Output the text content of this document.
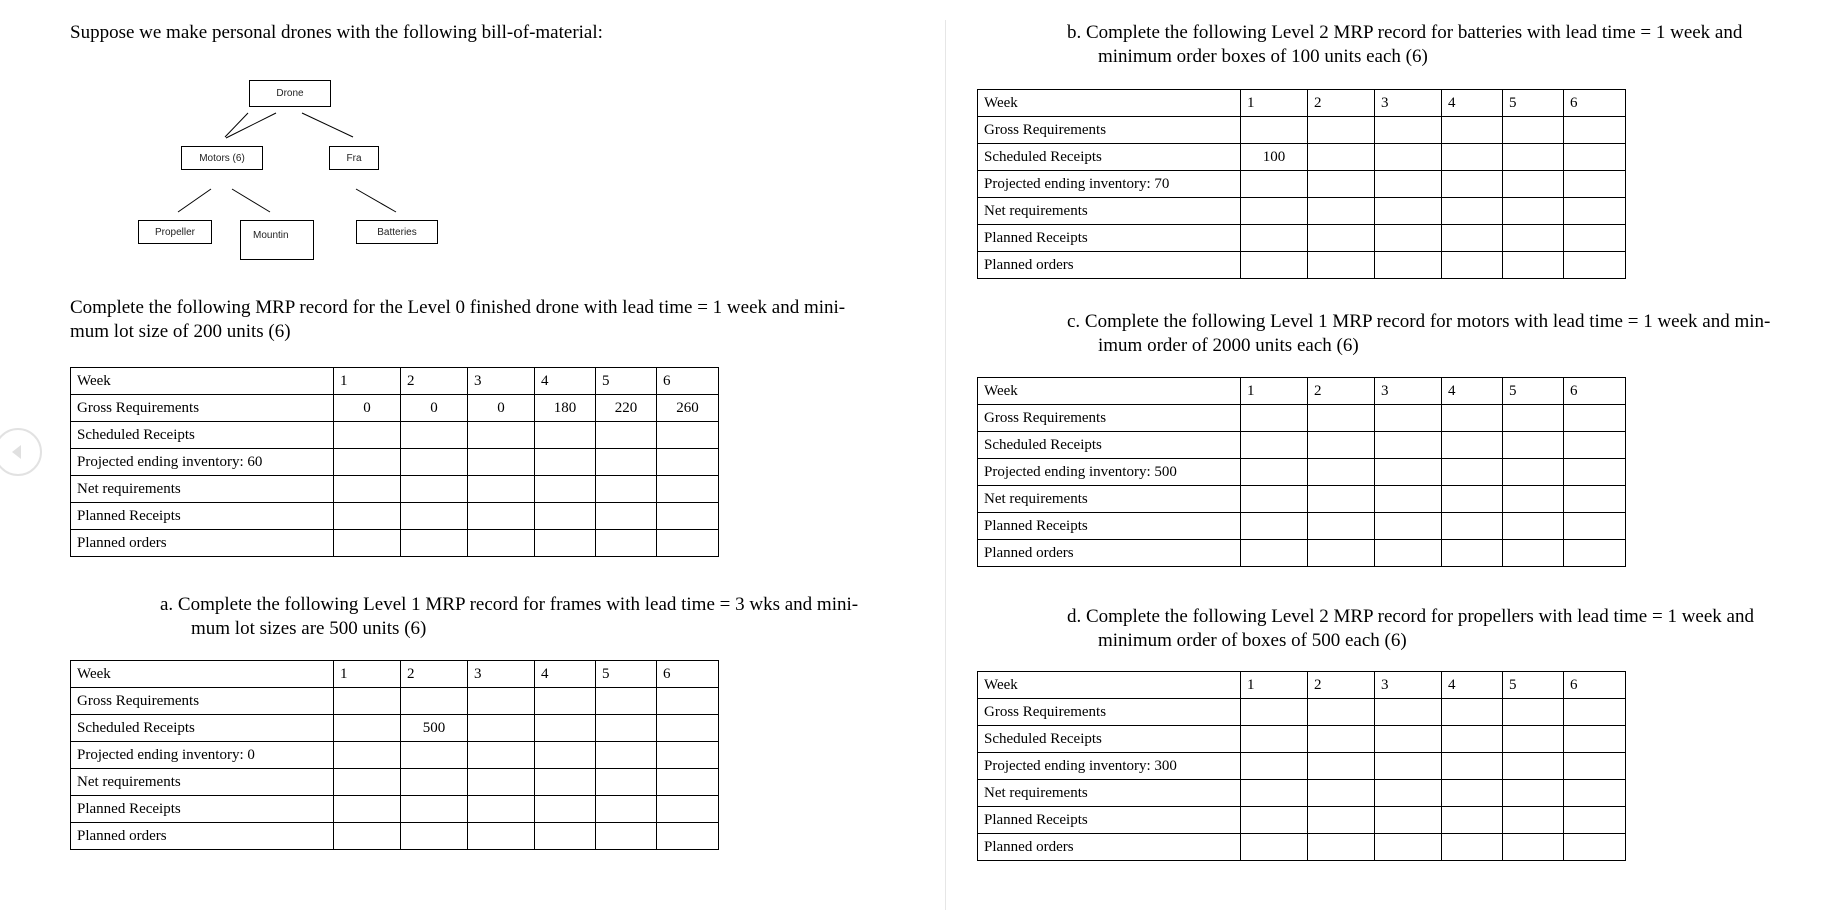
Suppose we make personal drones with the following bill-of-material:

Drone
Motors (6)	Fra
Propeller	Mountin	Batteries

Complete the following MRP record for the Level 0 finished drone with lead time = 1 week and mini-
mum lot size of 200 units (6)

Week	1	2	3	4	5	6
Gross Requirements	0	0	0	180	220	260
Scheduled Receipts						
Projected ending inventory: 60						
Net requirements						
Planned Receipts						
Planned orders						

a. Complete the following Level 1 MRP record for frames with lead time = 3 wks and mini-
mum lot sizes are 500 units (6)

Week	1	2	3	4	5	6
Gross Requirements						
Scheduled Receipts		500				
Projected ending inventory: 0						
Net requirements						
Planned Receipts						
Planned orders						

b. Complete the following Level 2 MRP record for batteries with lead time = 1 week and
minimum order boxes of 100 units each (6)

Week	1	2	3	4	5	6
Gross Requirements						
Scheduled Receipts	100					
Projected ending inventory: 70						
Net requirements						
Planned Receipts						
Planned orders						

c. Complete the following Level 1 MRP record for motors with lead time = 1 week and min-
imum order of 2000 units each (6)

Week	1	2	3	4	5	6
Gross Requirements						
Scheduled Receipts						
Projected ending inventory: 500						
Net requirements						
Planned Receipts						
Planned orders						

d. Complete the following Level 2 MRP record for propellers with lead time = 1 week and
minimum order of boxes of 500 each (6)

Week	1	2	3	4	5	6
Gross Requirements						
Scheduled Receipts						
Projected ending inventory: 300						
Net requirements						
Planned Receipts						
Planned orders						
